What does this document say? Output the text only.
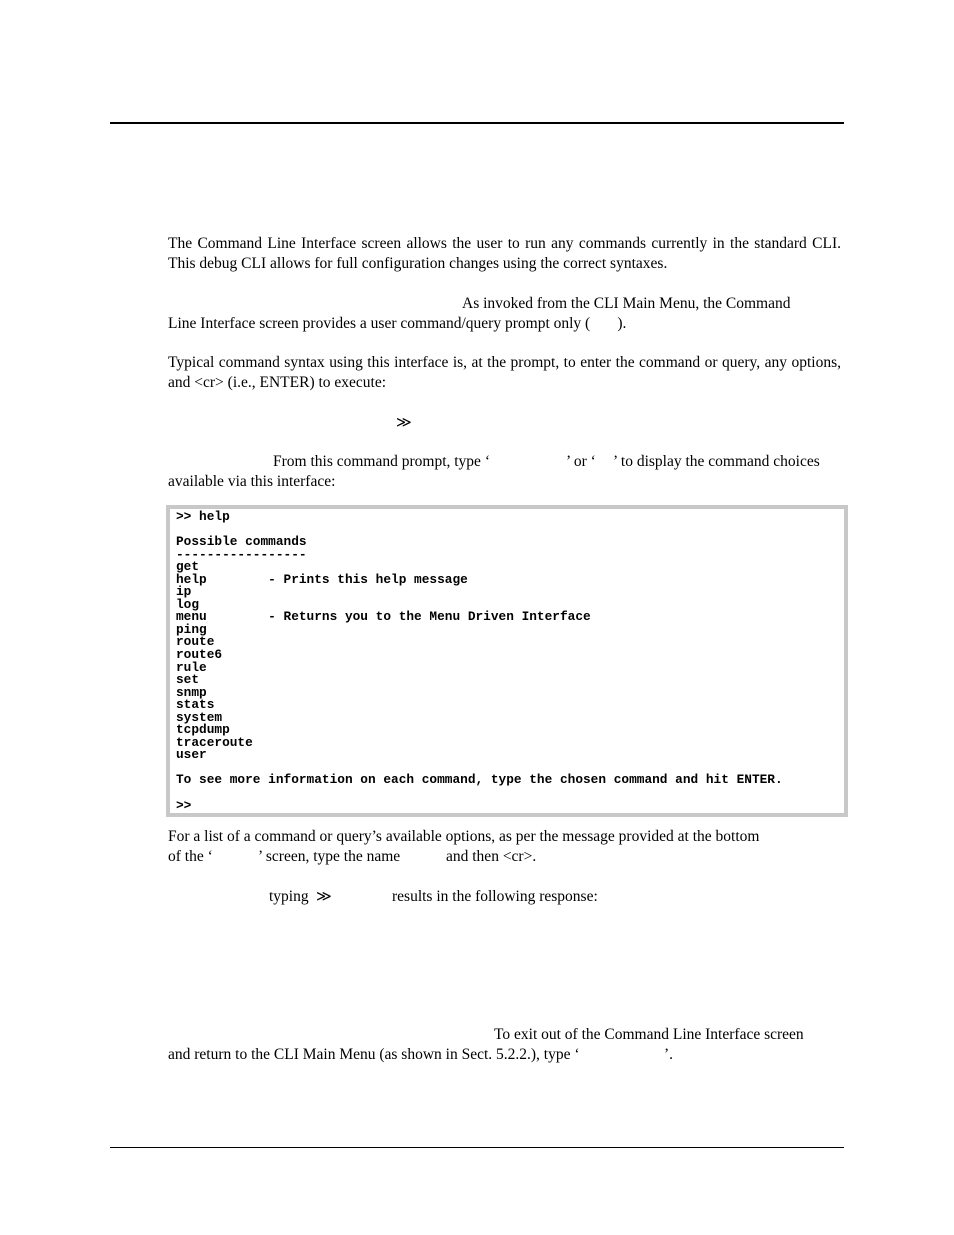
The Command Line Interface screen allows the user to run any commands currently in the standard CLI. This debug CLI allows for full configuration changes using the correct syntaxes.

As invoked from the CLI Main Menu, the Command
Line Interface screen provides a user command/query prompt only (       ).

Typical command syntax using this interface is, at the prompt, to enter the command or query, any options, and <cr> (i.e., ENTER) to execute:

≫
From this command prompt, type ‘	’ or ‘ ’ to display the command choices
available via this interface:
>> help

Possible commands
-----------------
get
help        - Prints this help message
ip
log
menu        - Returns you to the Menu Driven Interface
ping
route
route6
rule
set
snmp
stats
system
tcpdump
traceroute
user

To see more information on each command, type the chosen command and hit ENTER.

>>
For a list of a command or query’s available options, as per the message provided at the bottom
of the ‘	’ screen, type the name	and then <cr>.
typing ≫	results in the following response:
To exit out of the Command Line Interface screen
and return to the CLI Main Menu (as shown in Sect. 5.2.2.), type ‘	’.
